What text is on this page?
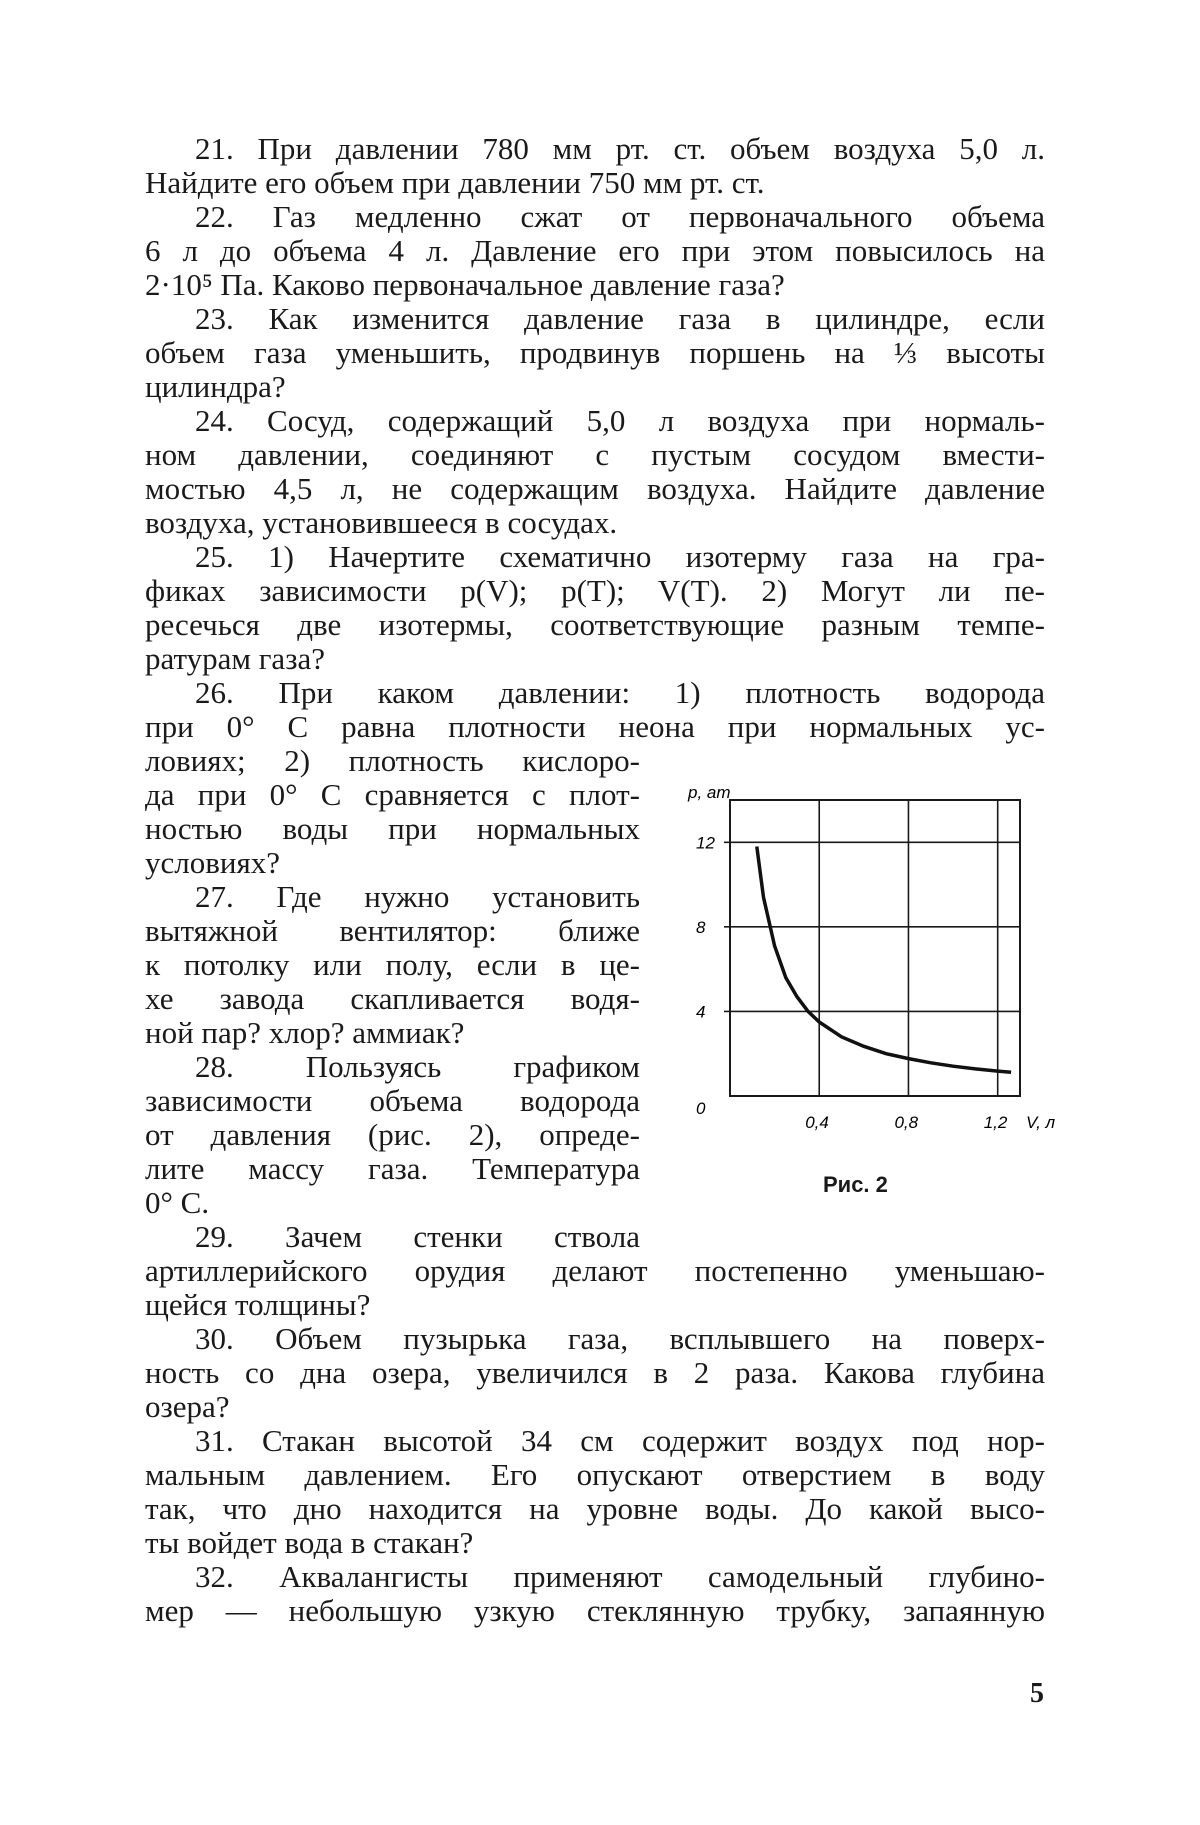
21. При давлении 780 мм рт. ст. объем воздуха 5,0 л.
Найдите его объем при давлении 750 мм рт. ст.
22. Газ медленно сжат от первоначального объема
6 л до объема 4 л. Давление его при этом повысилось на
2·10⁵ Па. Каково первоначальное давление газа?
23. Как изменится давление газа в цилиндре, если
объем газа уменьшить, продвинув поршень на ⅓ высоты
цилиндра?
24. Сосуд, содержащий 5,0 л воздуха при нормаль-
ном давлении, соединяют с пустым сосудом вмести-
мостью 4,5 л, не содержащим воздуха. Найдите давление
воздуха, установившееся в сосудах.
25. 1) Начертите схематично изотерму газа на гра-
фиках зависимости p(V); p(T); V(T). 2) Могут ли пе-
ресечься две изотермы, соответствующие разным темпе-
ратурам газа?
26. При каком давлении: 1) плотность водорода
при 0° С равна плотности неона при нормальных ус-
ловиях; 2) плотность кислоро-
да при 0° С сравняется с плот-
ностью воды при нормальных
условиях?
27. Где нужно установить
вытяжной вентилятор: ближе
к потолку или полу, если в це-
хе завода скапливается водя-
ной пар? хлор? аммиак?
28. Пользуясь графиком
зависимости объема водорода
от давления (рис. 2), опреде-
лите массу газа. Температура
0° С.
29. Зачем стенки ствола
артиллерийского орудия делают постепенно уменьшаю-
щейся толщины?
30. Объем пузырька газа, всплывшего на поверх-
ность со дна озера, увеличился в 2 раза. Какова глубина
озера?
31. Стакан высотой 34 см содержит воздух под нор-
мальным давлением. Его опускают отверстием в воду
так, что дно находится на уровне воды. До какой высо-
ты войдет вода в стакан?
32. Аквалангисты применяют самодельный глубино-
мер — небольшую узкую стеклянную трубку, запаянную
12
8
4
0
0,4	0,8	1,2
p, ат
V, л
Рис. 2
5
